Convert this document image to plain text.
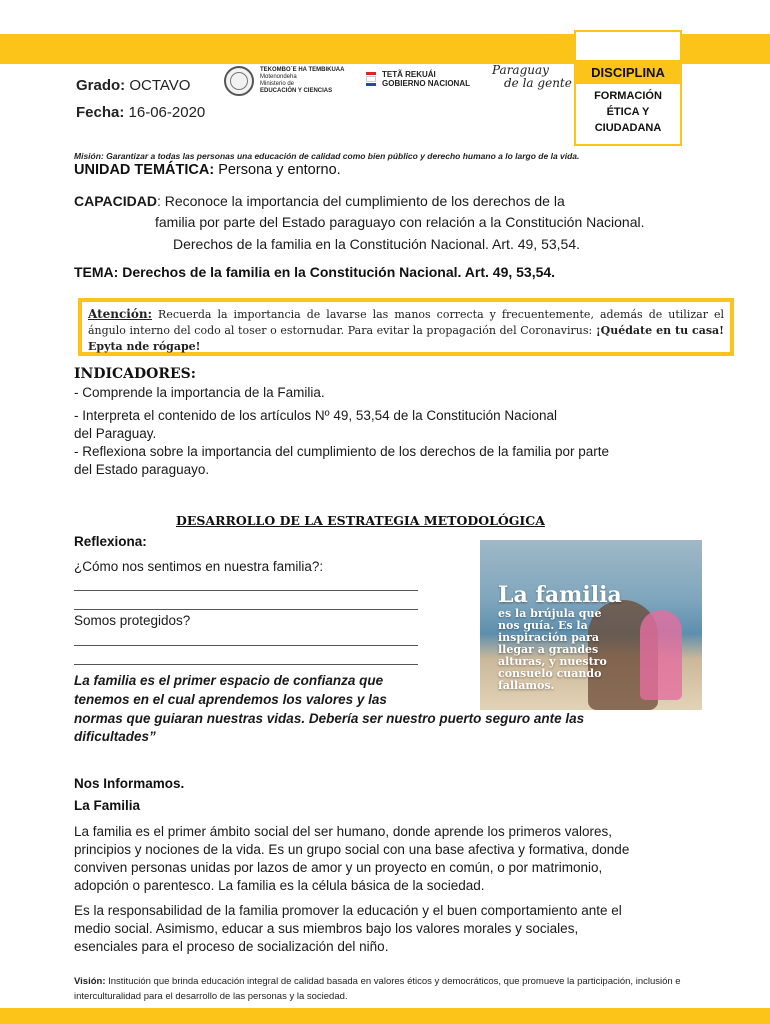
DISCIPLINA
FORMACIÓN
ÉTICA Y
CIUDADANA
Grado: OCTAVO
Fecha: 16-06-2020
TEKOMBO´E HA TEMBIKUAA
Motenondeha
Ministerio de
EDUCACIÓN Y CIENCIAS
TETÃ REKUÁI
GOBIERNO NACIONAL
Paraguay
de la gente
Misión: Garantizar a todas las personas una educación de calidad como bien público y derecho humano a lo largo de la vida.
UNIDAD TEMÁTICA: Persona y entorno.
CAPACIDAD: Reconoce la importancia del cumplimiento de los derechos de la
familia por parte del Estado paraguayo con relación a la Constitución Nacional.
Derechos de la familia en la Constitución Nacional. Art. 49, 53,54.
TEMA: Derechos de la familia en la Constitución Nacional. Art. 49, 53,54.
Atención: Recuerda la importancia de lavarse las manos correcta y frecuentemente, además de utilizar el ángulo interno del codo al toser o estornudar. Para evitar la propagación del Coronavirus: ¡Quédate en tu casa! Epyta nde rógape!
INDICADORES:
- Comprende la importancia de la Familia.
- Interpreta el contenido de los artículos Nº 49, 53,54 de la Constitución Nacional
del Paraguay.
- Reflexiona sobre la importancia del cumplimiento de los derechos de la familia por parte
del Estado paraguayo.
DESARROLLO DE LA ESTRATEGIA METODOLÓGICA
Reflexiona:
¿Cómo nos sentimos en nuestra familia?:
Somos protegidos?
La familia
es la brújula que
nos guía. Es la
inspiración para
llegar a grandes
alturas, y nuestro
consuelo cuando
fallamos.
La familia es el primer espacio de confianza que
tenemos en el cual aprendemos los valores y las
normas que guiaran nuestras vidas. Debería ser nuestro puerto seguro ante las
dificultades”
Nos Informamos.
La Familia
La familia es el primer ámbito social del ser humano, donde aprende los primeros valores,
principios y nociones de la vida. Es un grupo social con una base afectiva y formativa, donde
conviven personas unidas por lazos de amor y un proyecto en común, o por matrimonio,
adopción o parentesco. La familia es la célula básica de la sociedad.
Es la responsabilidad de la familia promover la educación y el buen comportamiento ante el
medio social. Asimismo, educar a sus miembros bajo los valores morales y sociales,
esenciales para el proceso de socialización del niño.
Visión: Institución que brinda educación integral de calidad basada en valores éticos y democráticos, que promueve la participación, inclusión e interculturalidad para el desarrollo de las personas y la sociedad.
